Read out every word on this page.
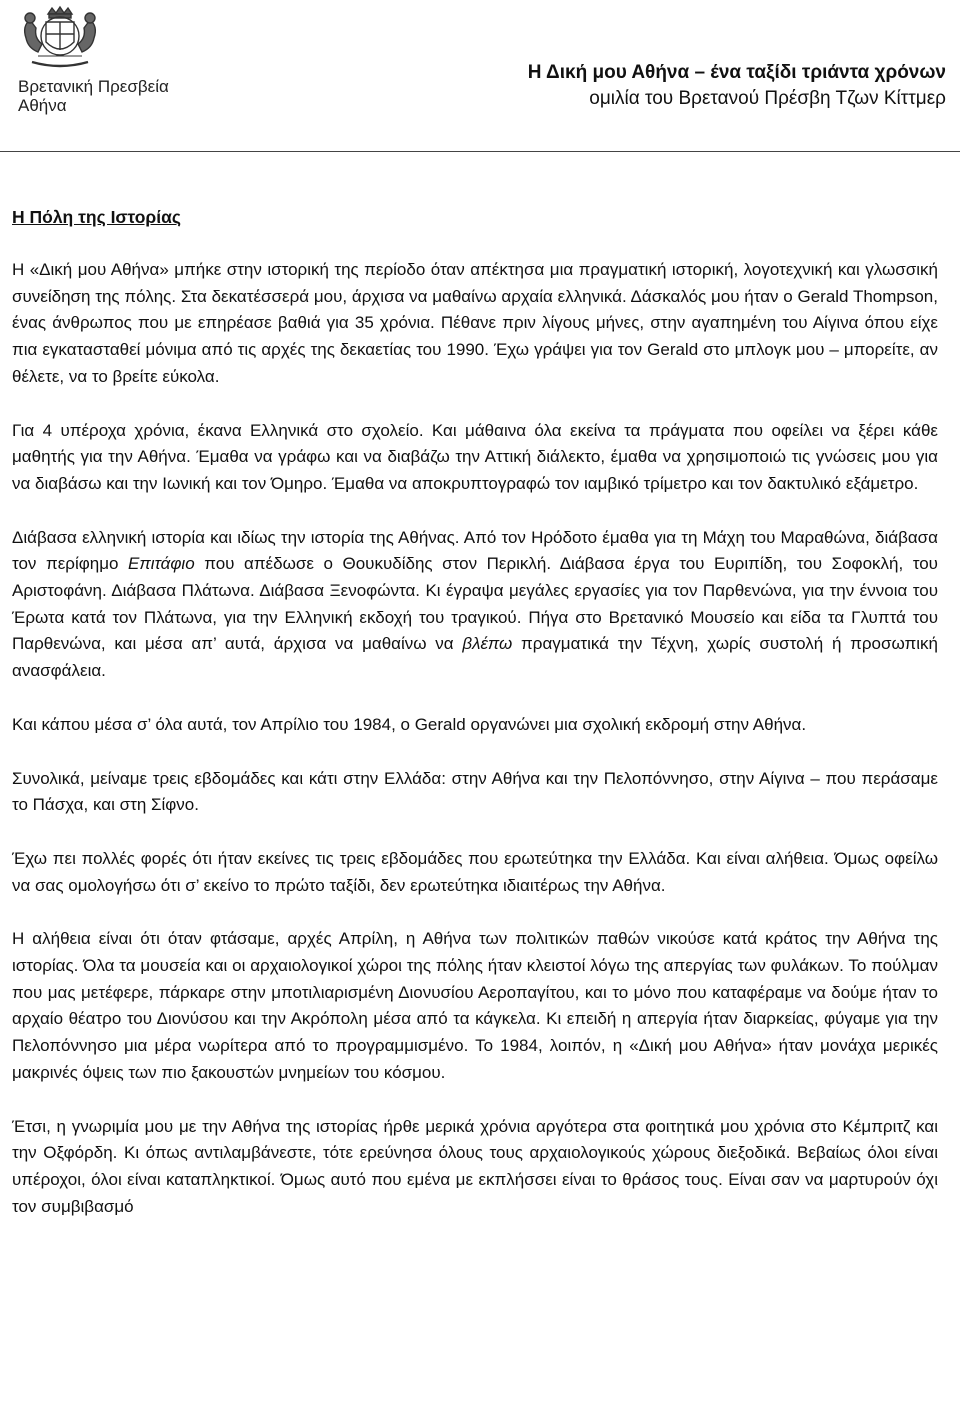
Βρετανική Πρεσβεία
Αθήνα
Η Δική μου Αθήνα – ένα ταξίδι τριάντα χρόνων
ομιλία του Βρετανού Πρέσβη Τζων Κίττμερ
Η Πόλη της Ιστορίας

Η «Δική μου Αθήνα» μπήκε στην ιστορική της περίοδο όταν απέκτησα μια πραγματική ιστορική, λογοτεχνική και γλωσσική συνείδηση της πόλης. Στα δεκατέσσερά μου, άρχισα να μαθαίνω αρχαία ελληνικά. Δάσκαλός μου ήταν ο Gerald Thompson, ένας άνθρωπος που με επηρέασε βαθιά για 35 χρόνια. Πέθανε πριν λίγους μήνες, στην αγαπημένη του Αίγινα όπου είχε πια εγκατασταθεί μόνιμα από τις αρχές της δεκαετίας του 1990. Έχω γράψει για τον Gerald στο μπλογκ μου – μπορείτε, αν θέλετε, να το βρείτε εύκολα.

Για 4 υπέροχα χρόνια, έκανα Ελληνικά στο σχολείο. Και μάθαινα όλα εκείνα τα πράγματα που οφείλει να ξέρει κάθε μαθητής για την Αθήνα. Έμαθα να γράφω και να διαβάζω την Αττική διάλεκτο, έμαθα να χρησιμοποιώ τις γνώσεις μου για να διαβάσω και την Ιωνική και τον Όμηρο. Έμαθα να αποκρυπτογραφώ τον ιαμβικό τρίμετρο και τον δακτυλικό εξάμετρο.

Διάβασα ελληνική ιστορία και ιδίως την ιστορία της Αθήνας. Από τον Ηρόδοτο έμαθα για τη Μάχη του Μαραθώνα, διάβασα τον περίφημο Επιτάφιο που απέδωσε ο Θουκυδίδης στον Περικλή. Διάβασα έργα του Ευριπίδη, του Σοφοκλή, του Αριστοφάνη. Διάβασα Πλάτωνα. Διάβασα Ξενοφώντα. Κι έγραψα μεγάλες εργασίες για τον Παρθενώνα, για την έννοια του Έρωτα κατά τον Πλάτωνα, για την Ελληνική εκδοχή του τραγικού. Πήγα στο Βρετανικό Μουσείο και είδα τα Γλυπτά του Παρθενώνα, και μέσα απ’ αυτά, άρχισα να μαθαίνω να βλέπω πραγματικά την Τέχνη, χωρίς συστολή ή προσωπική ανασφάλεια.

Και κάπου μέσα σ’ όλα αυτά, τον Απρίλιο του 1984, ο Gerald οργανώνει μια σχολική εκδρομή στην Αθήνα.

Συνολικά, μείναμε τρεις εβδομάδες και κάτι στην Ελλάδα: στην Αθήνα και την Πελοπόννησο, στην Αίγινα – που περάσαμε το Πάσχα, και στη Σίφνο.

Έχω πει πολλές φορές ότι ήταν εκείνες τις τρεις εβδομάδες που ερωτεύτηκα την Ελλάδα. Και είναι αλήθεια. Όμως οφείλω να σας ομολογήσω ότι σ’ εκείνο το πρώτο ταξίδι, δεν ερωτεύτηκα ιδιαιτέρως την Αθήνα.

Η αλήθεια είναι ότι όταν φτάσαμε, αρχές Απρίλη, η Αθήνα των πολιτικών παθών νικούσε κατά κράτος την Αθήνα της ιστορίας. Όλα τα μουσεία και οι αρχαιολογικοί χώροι της πόλης ήταν κλειστοί λόγω της απεργίας των φυλάκων. Το πούλμαν που μας μετέφερε, πάρκαρε στην μποτιλιαρισμένη Διονυσίου Αεροπαγίτου, και το μόνο που καταφέραμε να δούμε ήταν το αρχαίο θέατρο του Διονύσου και την Ακρόπολη μέσα από τα κάγκελα. Κι επειδή η απεργία ήταν διαρκείας, φύγαμε για την Πελοπόννησο μια μέρα νωρίτερα από το προγραμμισμένο. Το 1984, λοιπόν, η «Δική μου Αθήνα» ήταν μονάχα μερικές μακρινές όψεις των πιο ξακουστών μνημείων του κόσμου.

Έτσι, η γνωριμία μου με την Αθήνα της ιστορίας ήρθε μερικά χρόνια αργότερα στα φοιτητικά μου χρόνια στο Κέμπριτζ και την Οξφόρδη. Κι όπως αντιλαμβάνεστε, τότε ερεύνησα όλους τους αρχαιολογικούς χώρους διεξοδικά. Βεβαίως όλοι είναι υπέροχοι, όλοι είναι καταπληκτικοί. Όμως αυτό που εμένα με εκπλήσσει είναι το θράσος τους. Είναι σαν να μαρτυρούν όχι τον συμβιβασμό
